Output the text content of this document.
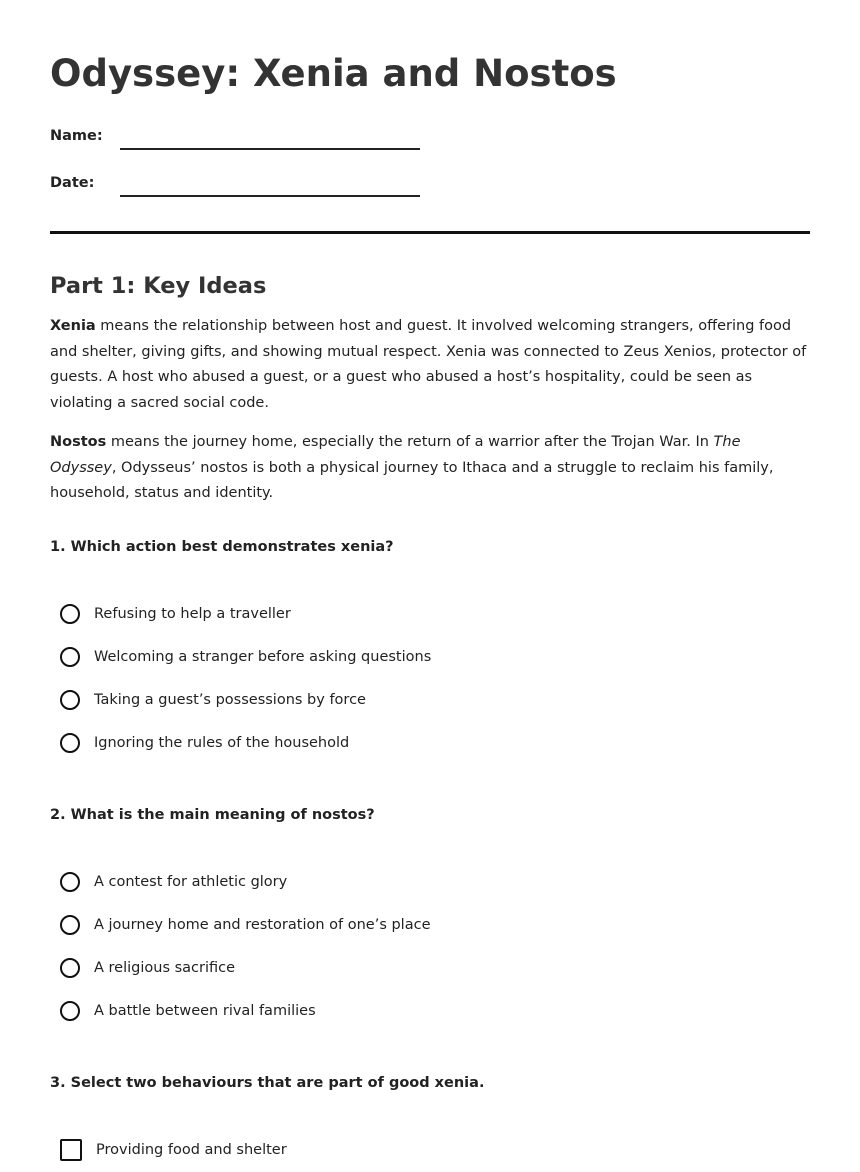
Odyssey: Xenia and Nostos
Name:
Date:
Part 1: Key Ideas

Xenia means the relationship between host and guest. It involved welcoming strangers, offering food and shelter, giving gifts, and showing mutual respect. Xenia was connected to Zeus Xenios, protector of guests. A host who abused a guest, or a guest who abused a host’s hospitality, could be seen as violating a sacred social code.

Nostos means the journey home, especially the return of a warrior after the Trojan War. In The Odyssey, Odysseus’ nostos is both a physical journey to Ithaca and a struggle to reclaim his family, household, status and identity.

1. Which action best demonstrates xenia?

Refusing to help a traveller
Welcoming a stranger before asking questions
Taking a guest’s possessions by force
Ignoring the rules of the household

2. What is the main meaning of nostos?

A contest for athletic glory
A journey home and restoration of one’s place
A religious sacrifice
A battle between rival families

3. Select two behaviours that are part of good xenia.

Providing food and shelter
